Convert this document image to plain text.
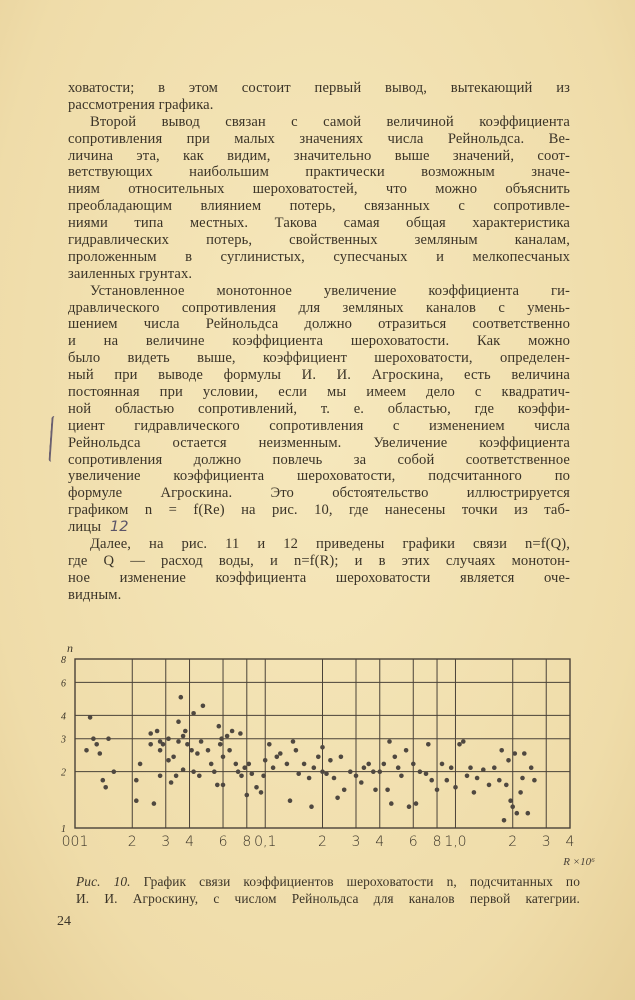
ховатости; в этом состоит первый вывод, вытекающий из
рассмотрения графика.
Второй вывод связан с самой величиной коэффициента
сопротивления при малых значениях числа Рейнольдса. Ве-
личина эта, как видим, значительно выше значений, соот-
ветствующих наибольшим практически возможным значе-
ниям относительных шероховатостей, что можно объяснить
преобладающим влиянием потерь, связанных с сопротивле-
ниями типа местных. Такова самая общая характеристика
гидравлических потерь, свойственных земляным каналам,
проложенным в суглинистых, супесчаных и мелкопесчаных
заиленных грунтах.
Установленное монотонное увеличение коэффициента ги-
дравлического сопротивления для земляных каналов с умень-
шением числа Рейнольдса должно отразиться соответственно
и на величине коэффициента шероховатости. Как можно
было видеть выше, коэффициент шероховатости, определен-
ный при выводе формулы И. И. Агроскина, есть величина
постоянная при условии, если мы имеем дело с квадратич-
ной областью сопротивлений, т. е. областью, где коэффи-
циент гидравлического сопротивления с изменением числа
Рейнольдса остается неизменным. Увеличение коэффициента
сопротивления должно повлечь за собой соответственное
увеличение коэффициента шероховатости, подсчитанного по
формуле Агроскина. Это обстоятельство иллюстрируется
графиком n = f(Re) на рис. 10, где нанесены точки из таб-
лицы
Далее, на рис. 11 и 12 приведены графики связи n=f(Q),
где Q — расход воды, и n=f(R); и в этих случаях монотон-
ное изменение коэффициента шероховатости является оче-
видным.
12
1
2
3
4
6
8
001	2 3 4 6 8 0,1	2 3 4 6 8 1,0	2 3 4
n
R ×10⁶
Рис. 10. График связи коэффициентов шероховатости n, подсчитанных по
И. И. Агроскину, с числом Рейнольдса для каналов первой категрии.
24
